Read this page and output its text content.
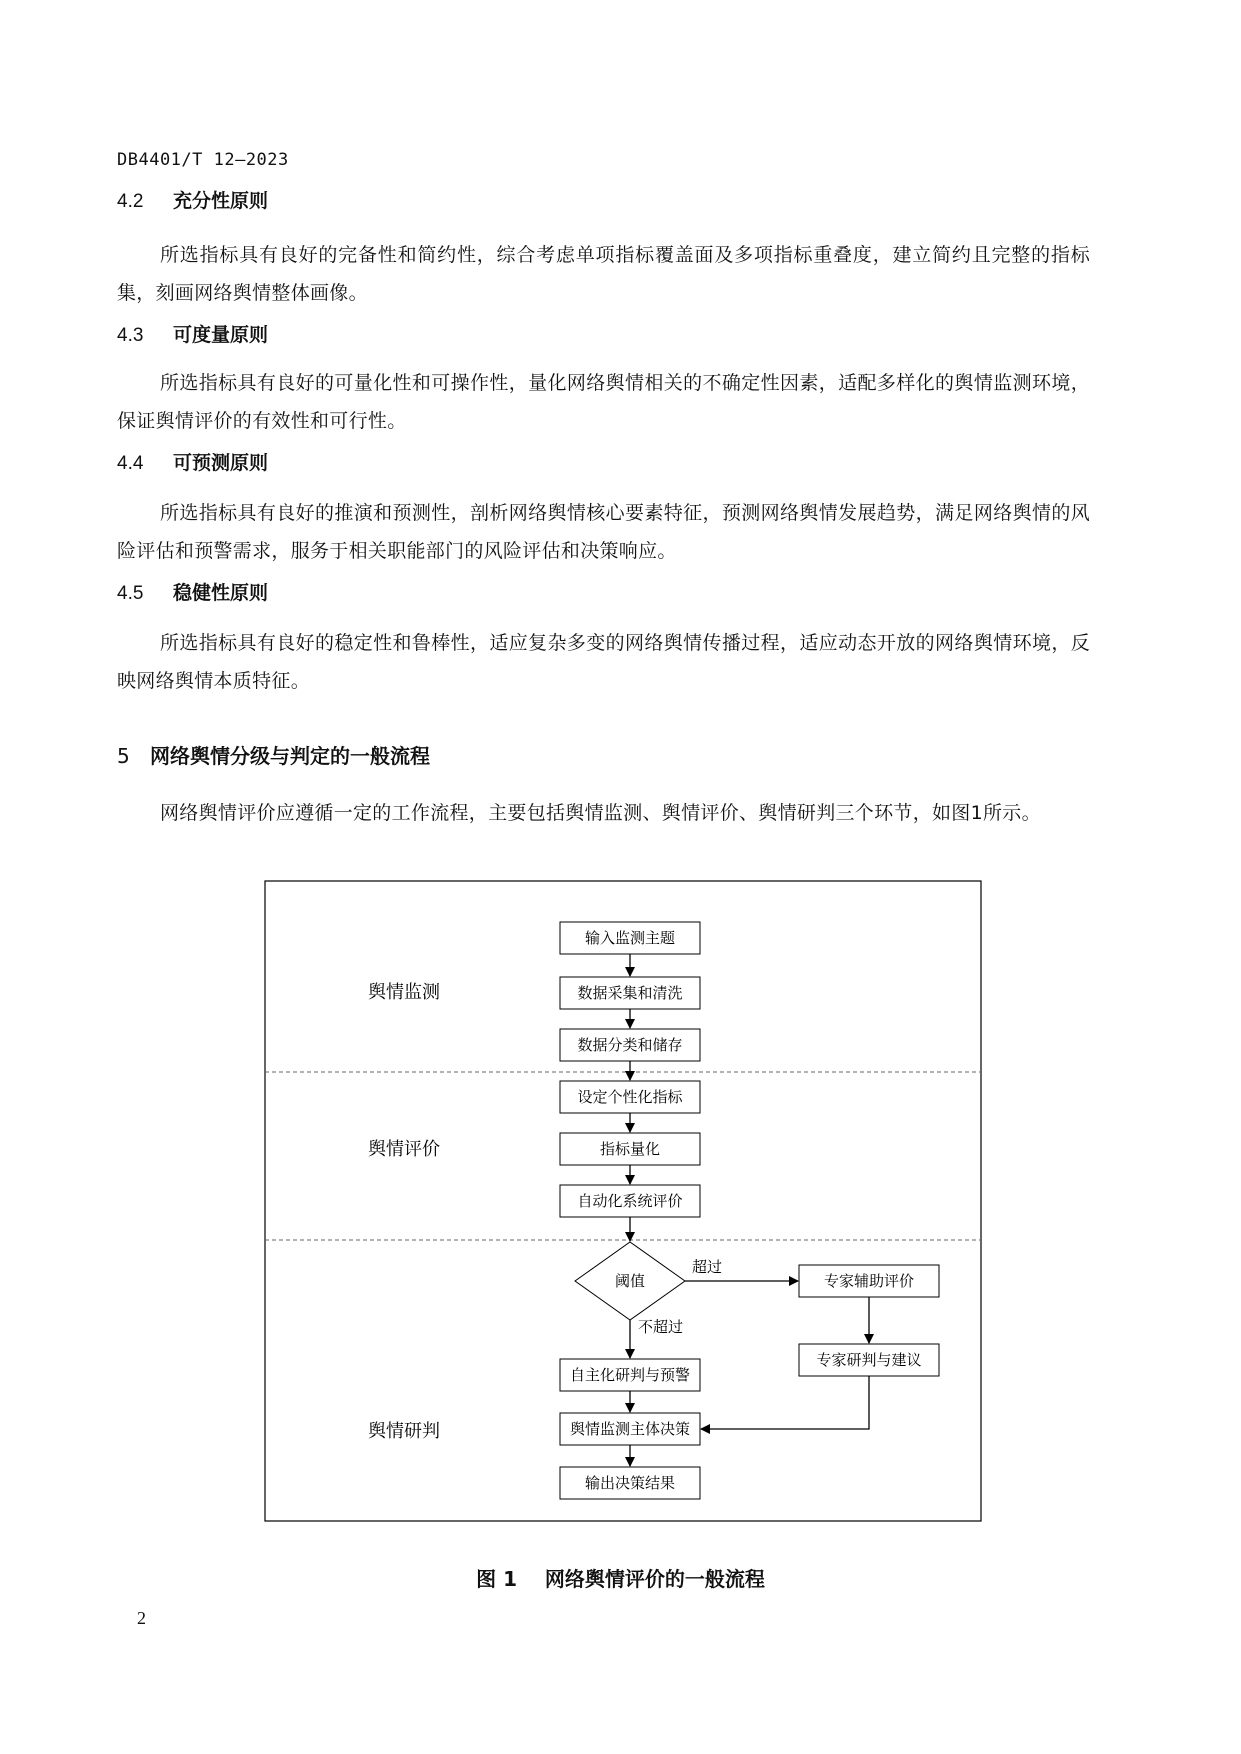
DB4401/T 12—2023
4.2 充分性原则
所选指标具有良好的完备性和简约性，综合考虑单项指标覆盖面及多项指标重叠度，建立简约且完整的指标集，刻画网络舆情整体画像。
4.3 可度量原则
所选指标具有良好的可量化性和可操作性，量化网络舆情相关的不确定性因素，适配多样化的舆情监测环境，保证舆情评价的有效性和可行性。
4.4 可预测原则
所选指标具有良好的推演和预测性，剖析网络舆情核心要素特征，预测网络舆情发展趋势，满足网络舆情的风险评估和预警需求，服务于相关职能部门的风险评估和决策响应。
4.5 稳健性原则
所选指标具有良好的稳定性和鲁棒性，适应复杂多变的网络舆情传播过程，适应动态开放的网络舆情环境，反映网络舆情本质特征。
5 网络舆情分级与判定的一般流程
网络舆情评价应遵循一定的工作流程，主要包括舆情监测、舆情评价、舆情研判三个环节，如图1所示。
舆情监测
舆情评价
舆情研判
输入监测主题
数据采集和清洗
数据分类和储存
设定个性化指标
指标量化
自动化系统评价
阈值	专家辅助评价
专家研判与建议
自主化研判与预警
舆情监测主体决策
输出决策结果
超过
不超过
图 1    网络舆情评价的一般流程
2
